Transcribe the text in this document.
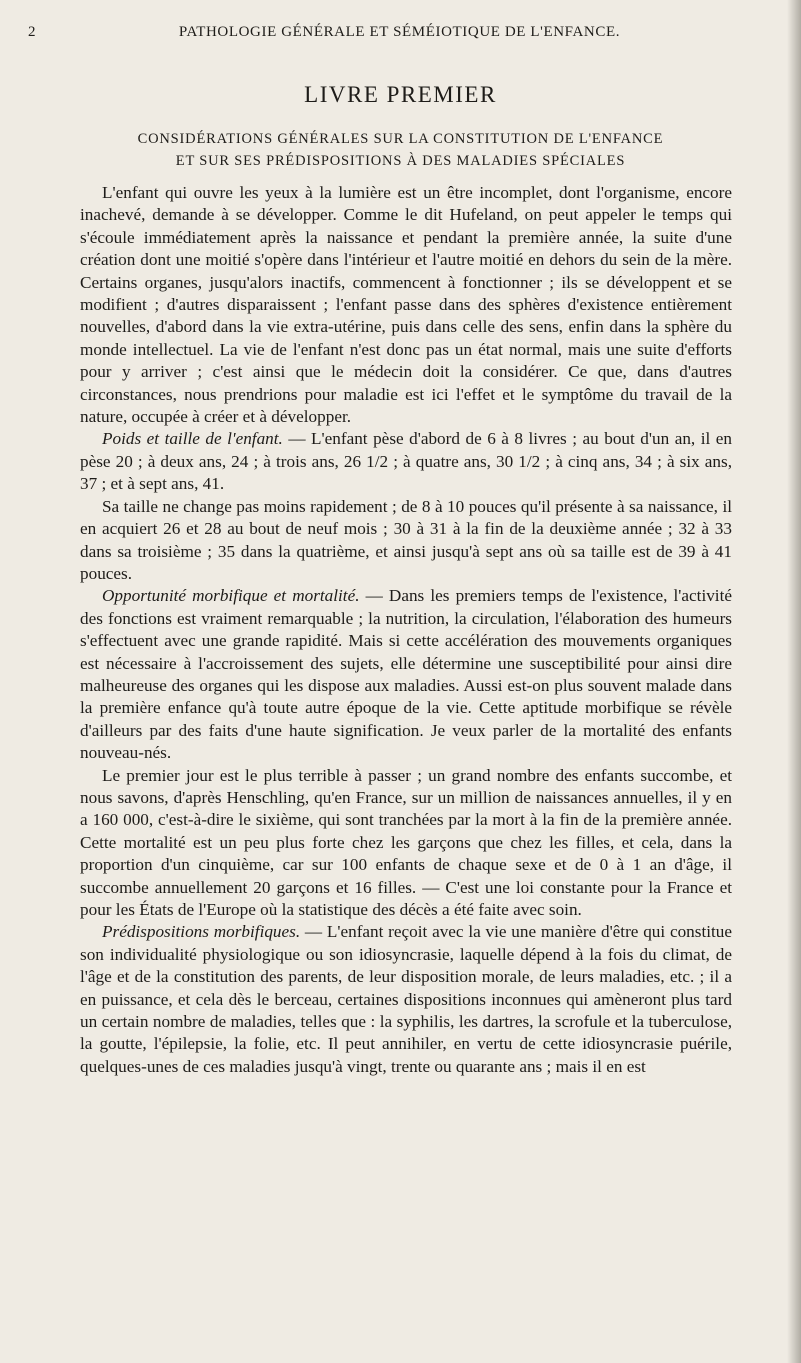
2	PATHOLOGIE GÉNÉRALE ET SÉMÉIOTIQUE DE L'ENFANCE.
LIVRE PREMIER
CONSIDÉRATIONS GÉNÉRALES SUR LA CONSTITUTION DE L'ENFANCE
ET SUR SES PRÉDISPOSITIONS À DES MALADIES SPÉCIALES

L'enfant qui ouvre les yeux à la lumière est un être incomplet, dont l'organisme, encore inachevé, demande à se développer. Comme le dit Hufeland, on peut appeler le temps qui s'écoule immédiatement après la naissance et pendant la première année, la suite d'une création dont une moitié s'opère dans l'intérieur et l'autre moitié en dehors du sein de la mère. Certains organes, jusqu'alors inactifs, commencent à fonctionner ; ils se développent et se modifient ; d'autres disparaissent ; l'enfant passe dans des sphères d'existence entièrement nouvelles, d'abord dans la vie extra-utérine, puis dans celle des sens, enfin dans la sphère du monde intellectuel. La vie de l'enfant n'est donc pas un état normal, mais une suite d'efforts pour y arriver ; c'est ainsi que le médecin doit la considérer. Ce que, dans d'autres circonstances, nous prendrions pour maladie est ici l'effet et le symptôme du travail de la nature, occupée à créer et à développer.

Poids et taille de l'enfant. — L'enfant pèse d'abord de 6 à 8 livres ; au bout d'un an, il en pèse 20 ; à deux ans, 24 ; à trois ans, 26 1/2 ; à quatre ans, 30 1/2 ; à cinq ans, 34 ; à six ans, 37 ; et à sept ans, 41.

Sa taille ne change pas moins rapidement ; de 8 à 10 pouces qu'il présente à sa naissance, il en acquiert 26 et 28 au bout de neuf mois ; 30 à 31 à la fin de la deuxième année ; 32 à 33 dans sa troisième ; 35 dans la quatrième, et ainsi jusqu'à sept ans où sa taille est de 39 à 41 pouces.

Opportunité morbifique et mortalité. — Dans les premiers temps de l'existence, l'activité des fonctions est vraiment remarquable ; la nutrition, la circulation, l'élaboration des humeurs s'effectuent avec une grande rapidité. Mais si cette accélération des mouvements organiques est nécessaire à l'accroissement des sujets, elle détermine une susceptibilité pour ainsi dire malheureuse des organes qui les dispose aux maladies. Aussi est-on plus souvent malade dans la première enfance qu'à toute autre époque de la vie. Cette aptitude morbifique se révèle d'ailleurs par des faits d'une haute signification. Je veux parler de la mortalité des enfants nouveau-nés.

Le premier jour est le plus terrible à passer ; un grand nombre des enfants succombe, et nous savons, d'après Henschling, qu'en France, sur un million de naissances annuelles, il y en a 160 000, c'est-à-dire le sixième, qui sont tranchées par la mort à la fin de la première année. Cette mortalité est un peu plus forte chez les garçons que chez les filles, et cela, dans la proportion d'un cinquième, car sur 100 enfants de chaque sexe et de 0 à 1 an d'âge, il succombe annuellement 20 garçons et 16 filles. — C'est une loi constante pour la France et pour les États de l'Europe où la statistique des décès a été faite avec soin.

Prédispositions morbifiques. — L'enfant reçoit avec la vie une manière d'être qui constitue son individualité physiologique ou son idiosyncrasie, laquelle dépend à la fois du climat, de l'âge et de la constitution des parents, de leur disposition morale, de leurs maladies, etc. ; il a en puissance, et cela dès le berceau, certaines dispositions inconnues qui amèneront plus tard un certain nombre de maladies, telles que : la syphilis, les dartres, la scrofule et la tuberculose, la goutte, l'épilepsie, la folie, etc. Il peut annihiler, en vertu de cette idiosyncrasie puérile, quelques-unes de ces maladies jusqu'à vingt, trente ou quarante ans ; mais il en est
